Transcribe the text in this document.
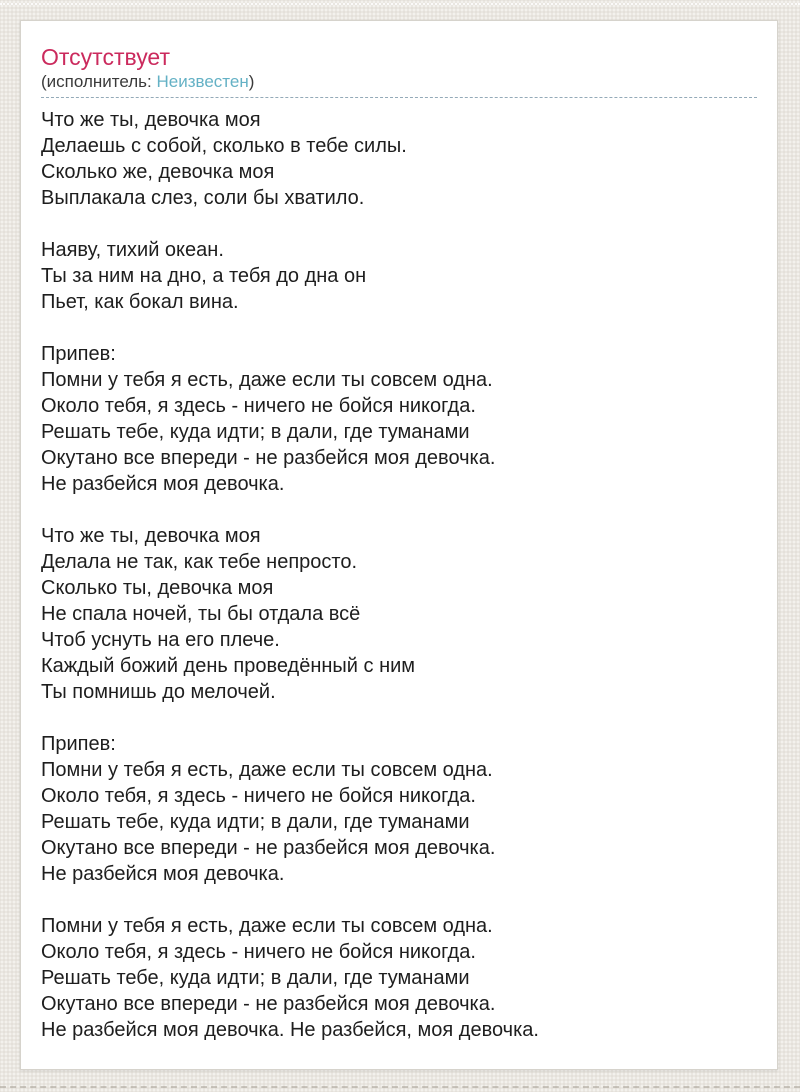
Отсутствует
(исполнитель: Неизвестен)
Что же ты, девочка моя
Делаешь с собой, сколько в тебе силы.
Сколько же, девочка моя
Выплакала слез, соли бы хватило.
Наяву, тихий океан.
Ты за ним на дно, а тебя до дна он
Пьет, как бокал вина.
Припев:
Помни у тебя я есть, даже если ты совсем одна.
Около тебя, я здесь - ничего не бойся никогда.
Решать тебе, куда идти; в дали, где туманами
Окутано все впереди - не разбейся моя девочка.
Не разбейся моя девочка.
Что же ты, девочка моя
Делала не так, как тебе непросто.
Сколько ты, девочка моя
Не спала ночей, ты бы отдала всё
Чтоб уснуть на его плече.
Каждый божий день проведённый с ним
Ты помнишь до мелочей.
Припев:
Помни у тебя я есть, даже если ты совсем одна.
Около тебя, я здесь - ничего не бойся никогда.
Решать тебе, куда идти; в дали, где туманами
Окутано все впереди - не разбейся моя девочка.
Не разбейся моя девочка.
Помни у тебя я есть, даже если ты совсем одна.
Около тебя, я здесь - ничего не бойся никогда.
Решать тебе, куда идти; в дали, где туманами
Окутано все впереди - не разбейся моя девочка.
Не разбейся моя девочка. Не разбейся, моя девочка.
